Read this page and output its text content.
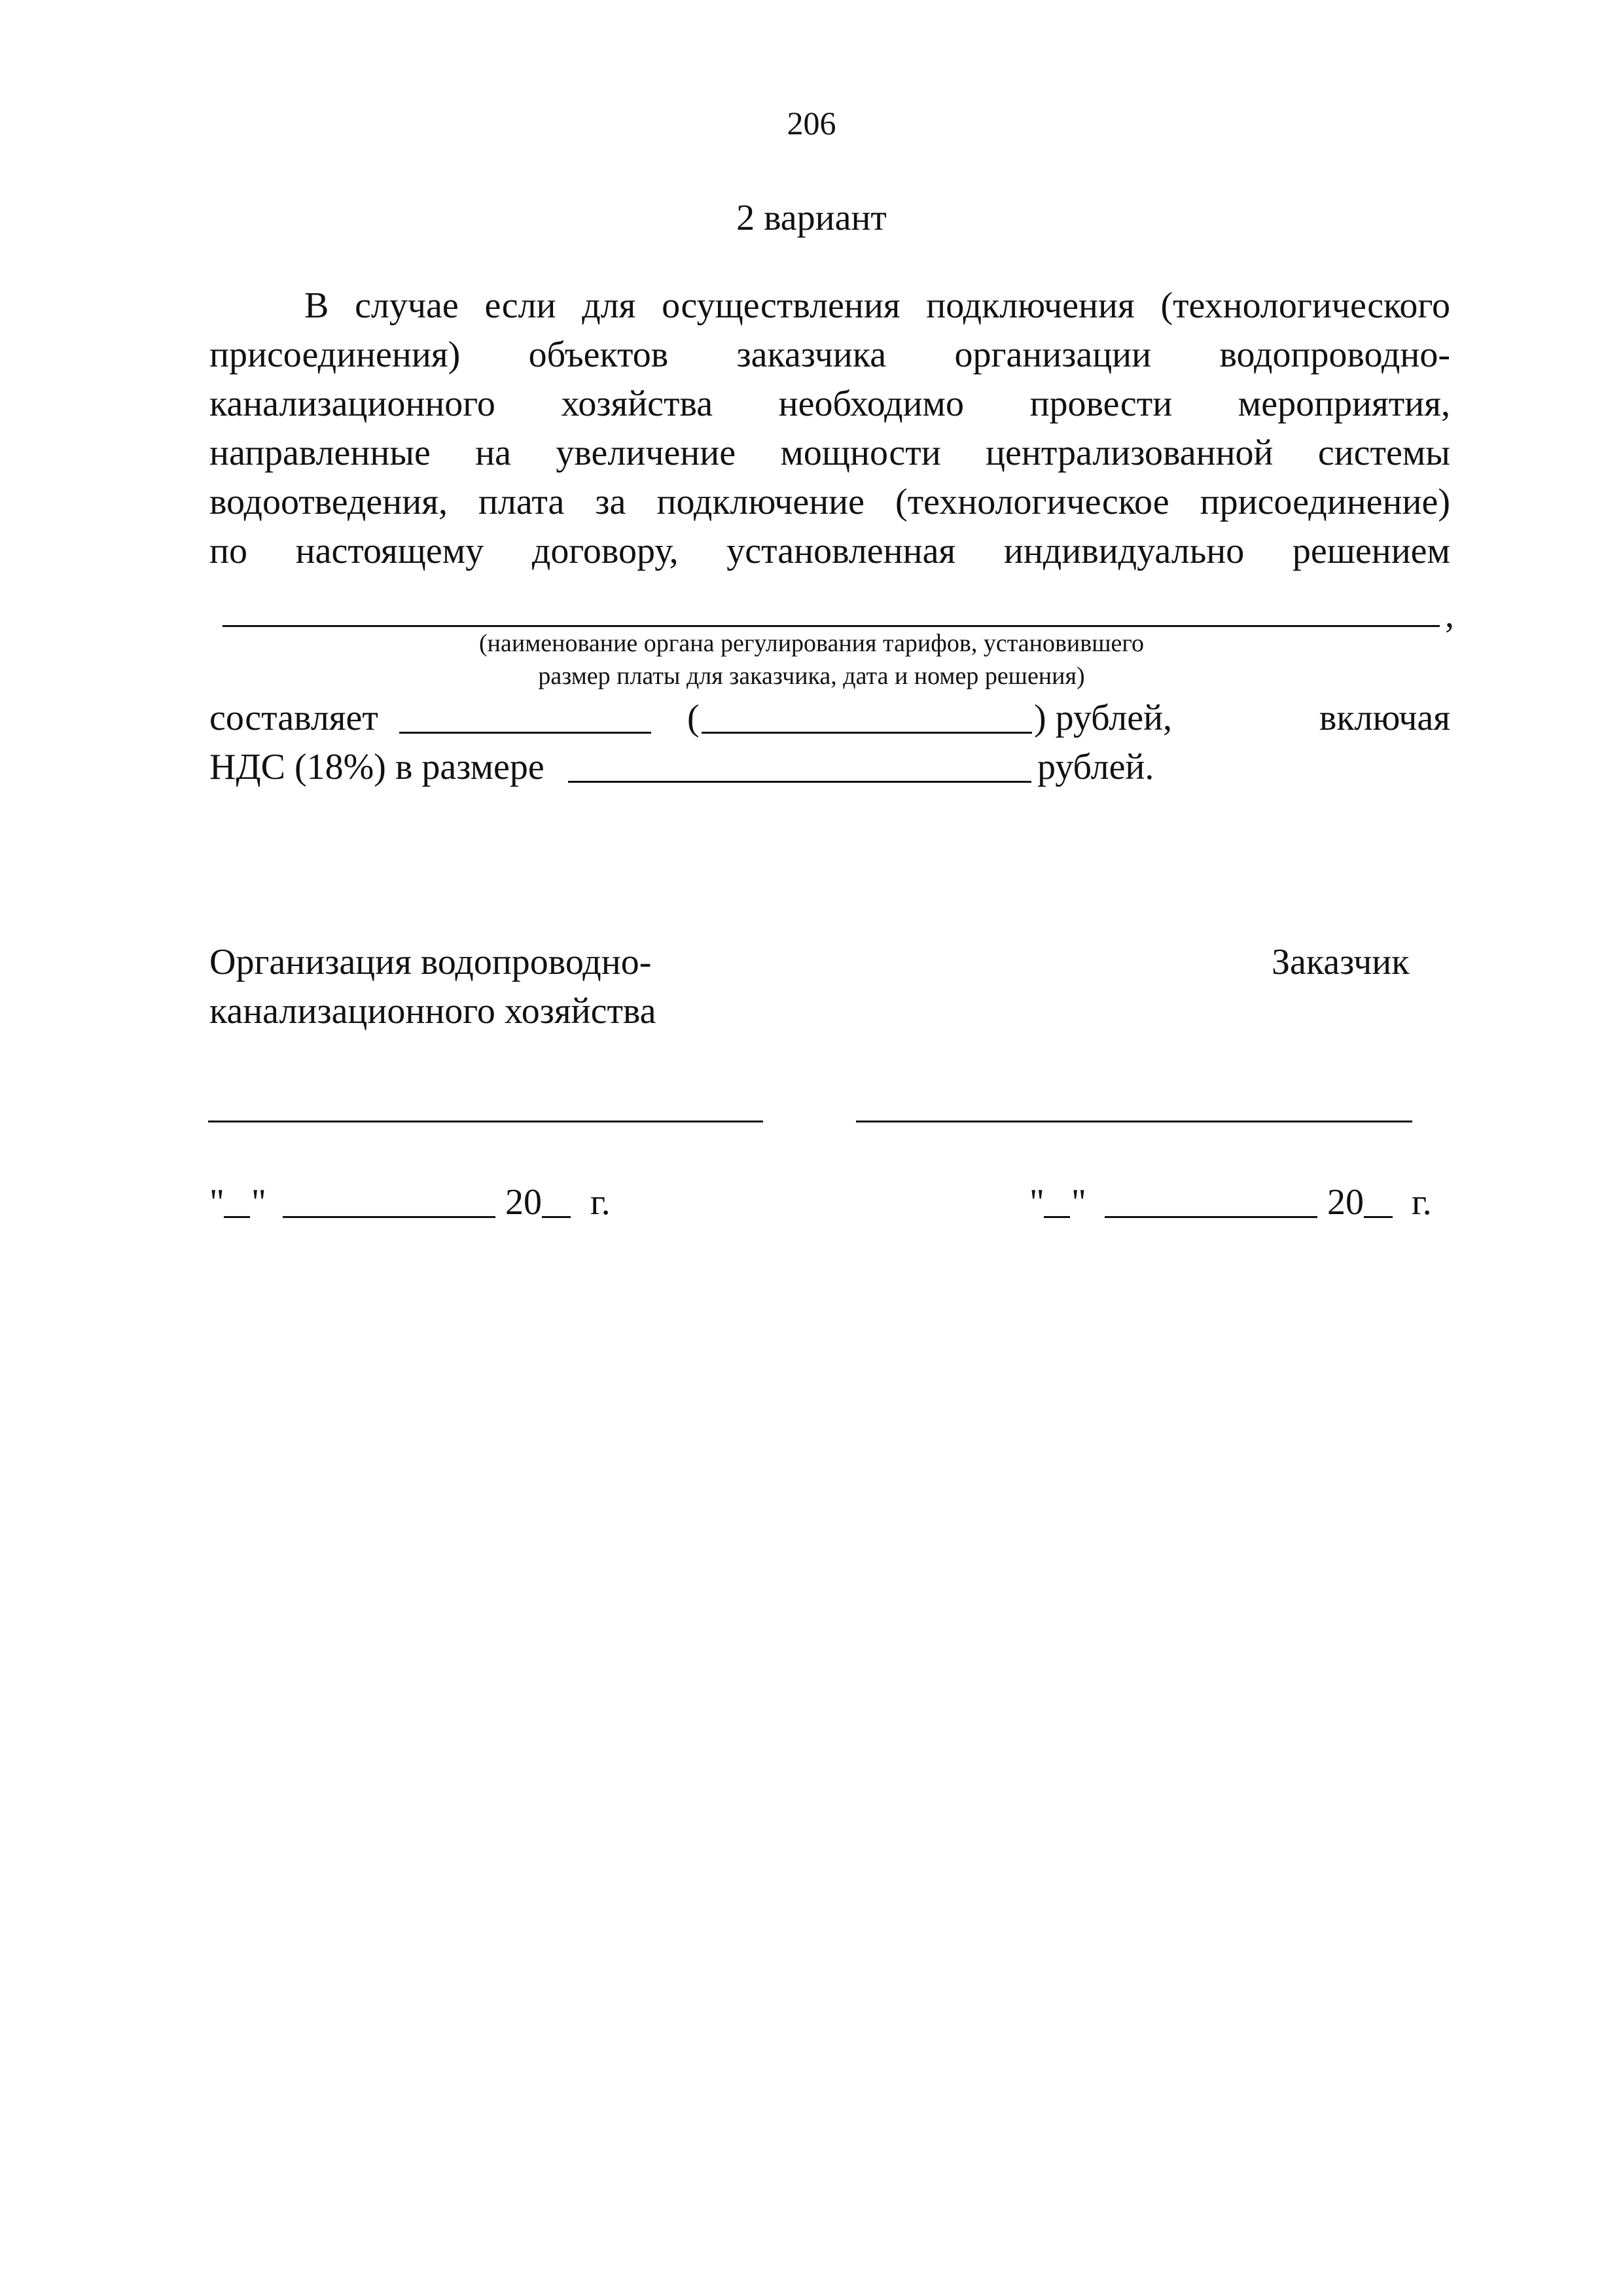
206
2 вариант
В случае если для осуществления подключения (технологического
присоединения) объектов заказчика организации водопроводно-
канализационного хозяйства необходимо провести мероприятия,
направленные на увеличение мощности централизованной системы
водоотведения, плата за подключение (технологическое присоединение)
по настоящему договору, установленная индивидуально решением
,
(наименование органа регулирования тарифов, установившего
размер платы для заказчика, дата и номер решения)
составляет	(	) рублей,	включая
НДС (18%) в размере	рублей.
Организация водопроводно-
канализационного хозяйства
Заказчик
" "	20 г.	" "	20 г.
